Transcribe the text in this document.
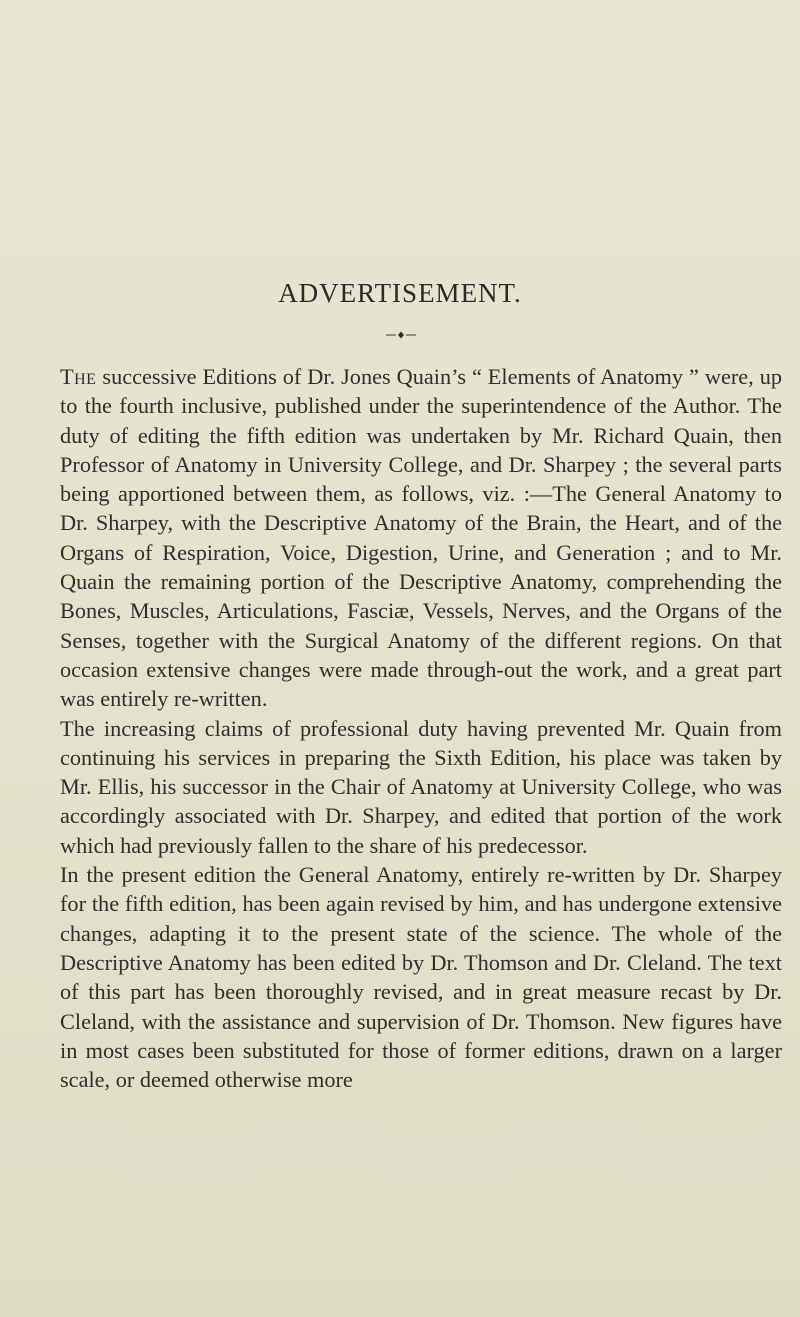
ADVERTISEMENT.

The successive Editions of Dr. Jones Quain’s “ Elements of Anatomy ” were, up to the fourth inclusive, published under the superintendence of the Author. The duty of editing the fifth edition was undertaken by Mr. Richard Quain, then Professor of Anatomy in University College, and Dr. Sharpey ; the several parts being apportioned between them, as follows, viz. :—The General Anatomy to Dr. Sharpey, with the Descriptive Anatomy of the Brain, the Heart, and of the Organs of Respiration, Voice, Digestion, Urine, and Generation ; and to Mr. Quain the remaining portion of the Descriptive Anatomy, comprehending the Bones, Muscles, Articulations, Fasciæ, Vessels, Nerves, and the Organs of the Senses, together with the Surgical Anatomy of the different regions. On that occasion extensive changes were made through-out the work, and a great part was entirely re-written.

The increasing claims of professional duty having prevented Mr. Quain from continuing his services in preparing the Sixth Edition, his place was taken by Mr. Ellis, his successor in the Chair of Anatomy at University College, who was accordingly associated with Dr. Sharpey, and edited that portion of the work which had previously fallen to the share of his predecessor.

In the present edition the General Anatomy, entirely re-written by Dr. Sharpey for the fifth edition, has been again revised by him, and has undergone extensive changes, adapting it to the present state of the science. The whole of the Descriptive Anatomy has been edited by Dr. Thomson and Dr. Cleland. The text of this part has been thoroughly revised, and in great measure recast by Dr. Cleland, with the assistance and supervision of Dr. Thomson. New figures have in most cases been substituted for those of former editions, drawn on a larger scale, or deemed otherwise more
